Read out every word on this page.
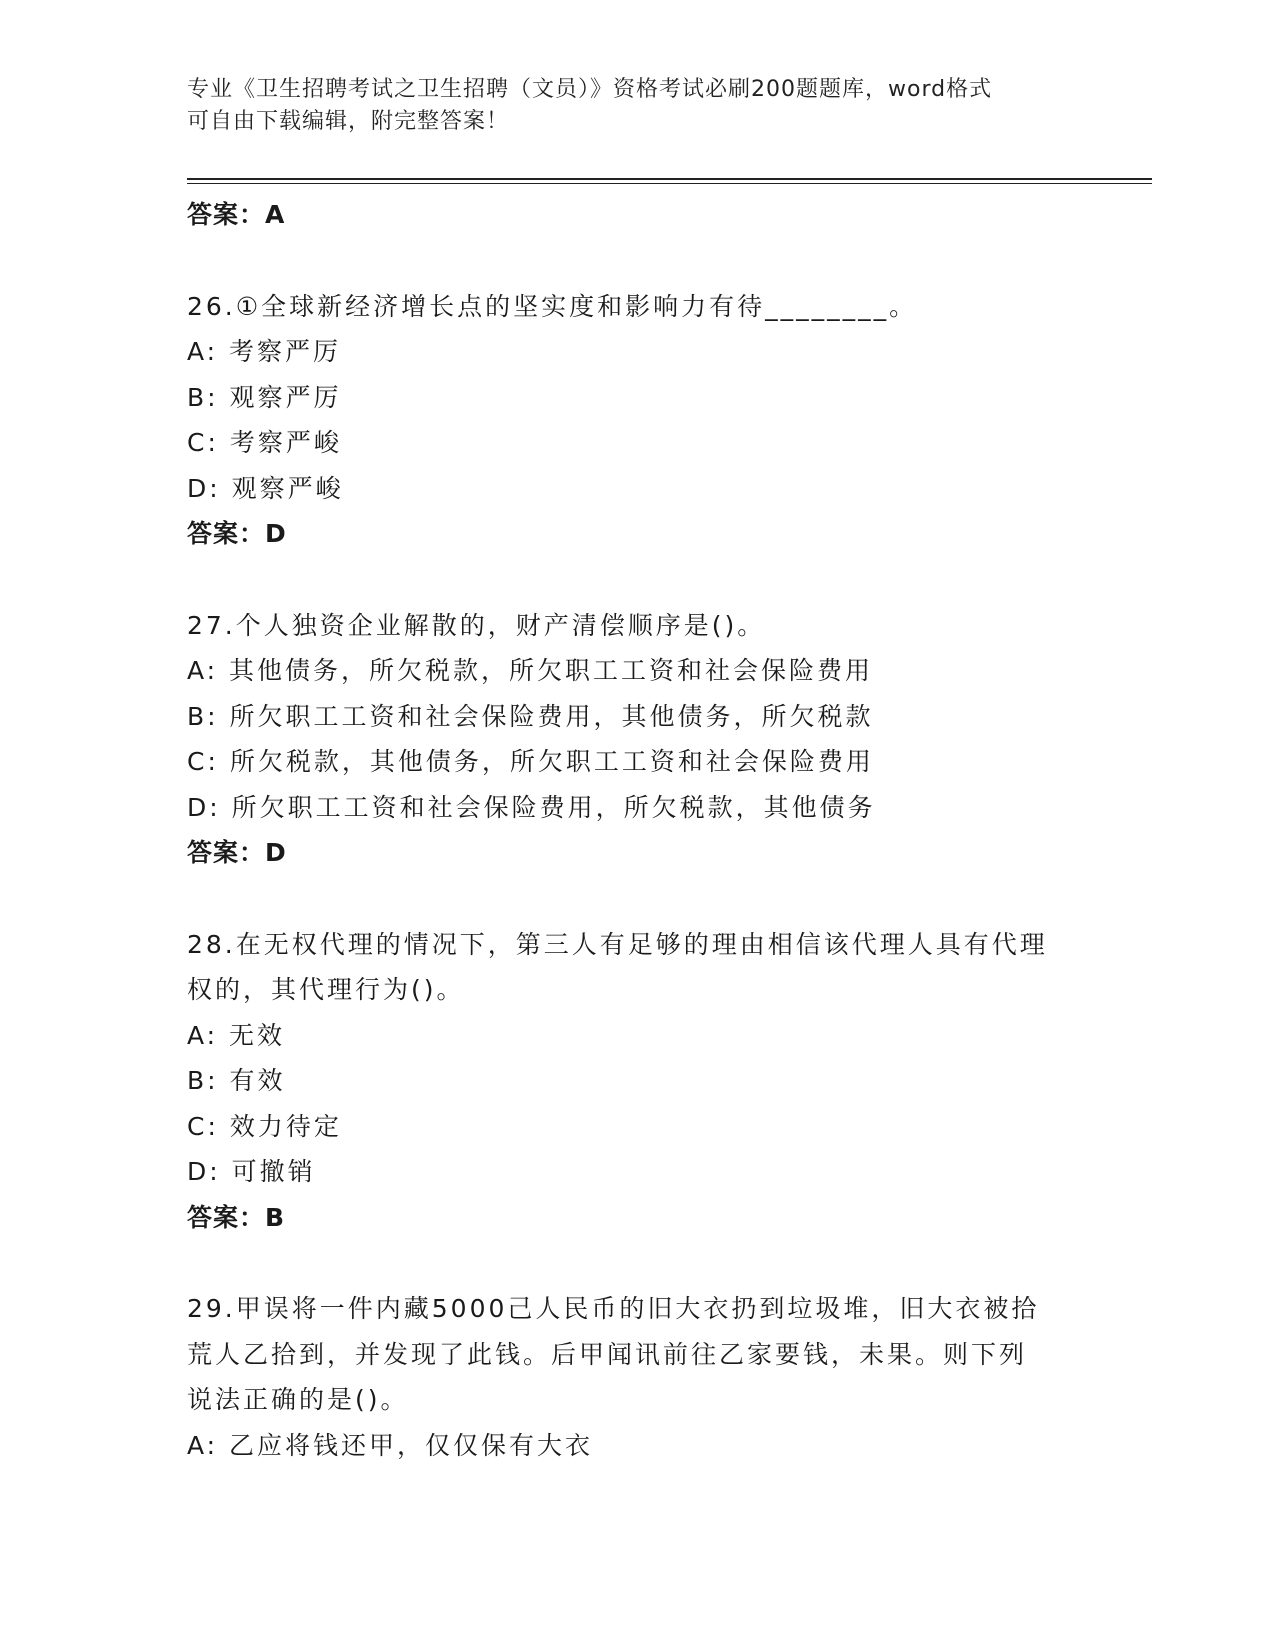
专业《卫生招聘考试之卫生招聘（文员）》资格考试必刷200题题库，word格式
可自由下载编辑，附完整答案！
答案：A
26.①全球新经济增长点的坚实度和影响力有待________。
A: 考察严厉
B: 观察严厉
C: 考察严峻
D: 观察严峻
答案：D
27.个人独资企业解散的，财产清偿顺序是()。
A: 其他债务，所欠税款，所欠职工工资和社会保险费用
B: 所欠职工工资和社会保险费用，其他债务，所欠税款
C: 所欠税款，其他债务，所欠职工工资和社会保险费用
D: 所欠职工工资和社会保险费用，所欠税款，其他债务
答案：D
28.在无权代理的情况下，第三人有足够的理由相信该代理人具有代理
权的，其代理行为()。
A: 无效
B: 有效
C: 效力待定
D: 可撤销
答案：B
29.甲误将一件内藏5000己人民币的旧大衣扔到垃圾堆，旧大衣被拾
荒人乙拾到，并发现了此钱。后甲闻讯前往乙家要钱，未果。则下列
说法正确的是()。
A: 乙应将钱还甲，仅仅保有大衣
